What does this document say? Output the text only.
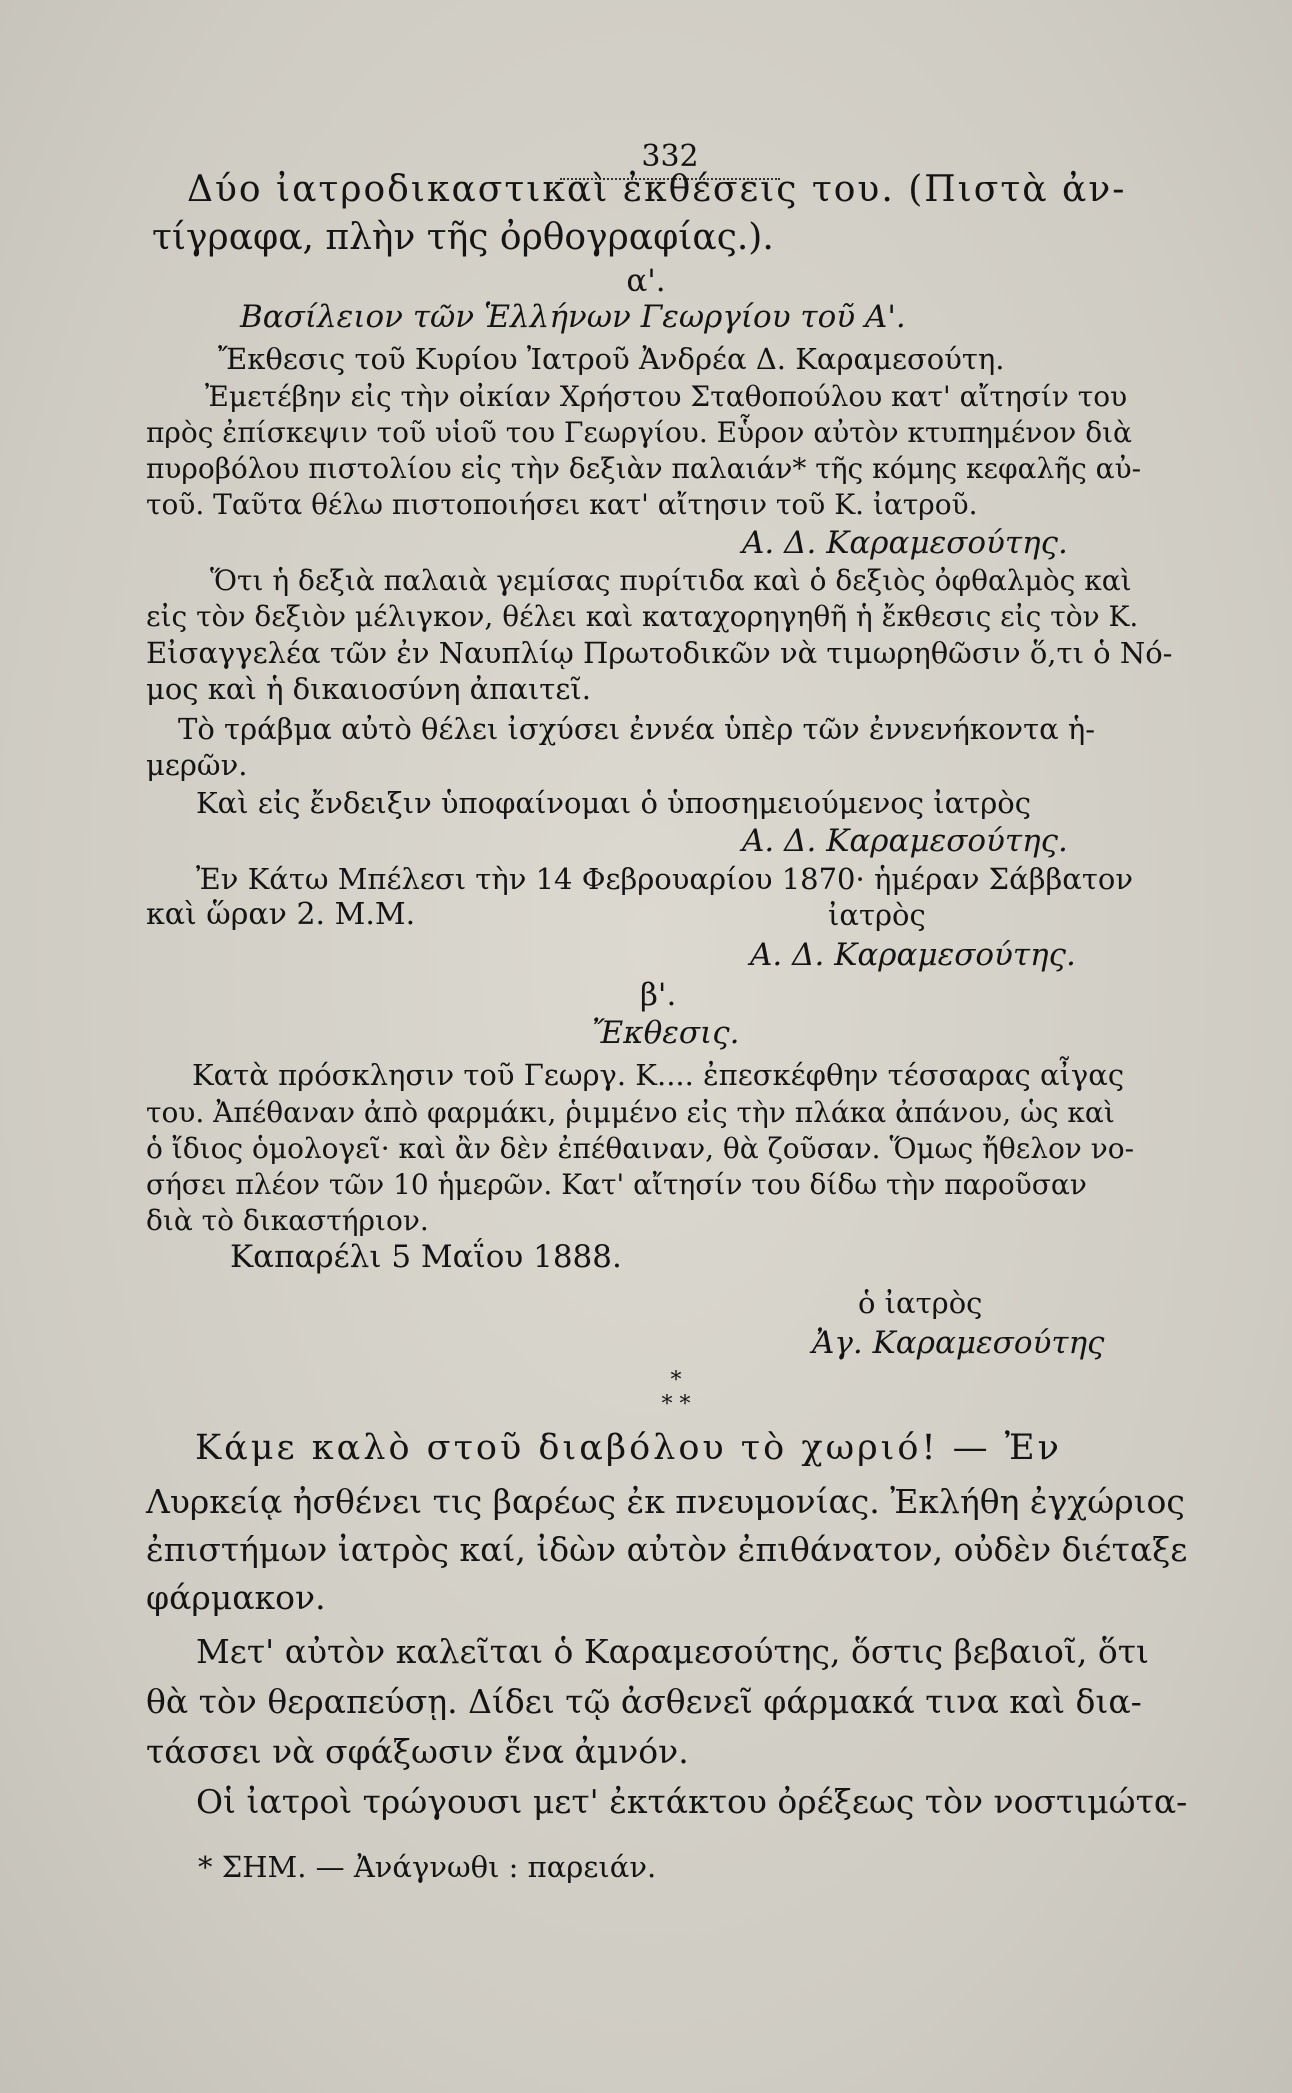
332

Δύο ἰατροδικαστικαὶ ἐκθέσεις του. (Πιστὰ ἀν-

τίγραφα, πλὴν τῆς ὀρθογραφίας.).

α'.

Βασίλειον τῶν Ἑλλήνων Γεωργίου τοῦ Α'.

Ἔκθεσις τοῦ Κυρίου Ἰατροῦ Ἀνδρέα Δ. Καραμεσούτη.

Ἐμετέβην εἰς τὴν οἰκίαν Χρήστου Σταθοπούλου κατ' αἴτησίν του

πρὸς ἐπίσκεψιν τοῦ υἱοῦ του Γεωργίου. Εὗρον αὐτὸν κτυπημένον διὰ

πυροβόλου πιστολίου εἰς τὴν δεξιὰν παλαιάν* τῆς κόμης κεφαλῆς αὐ-

τοῦ. Ταῦτα θέλω πιστοποιήσει κατ' αἴτησιν τοῦ Κ. ἰατροῦ.

Α. Δ. Καραμεσούτης.

Ὅτι ἡ δεξιὰ παλαιὰ γεμίσας πυρίτιδα καὶ ὁ δεξιὸς ὀφθαλμὸς καὶ

εἰς τὸν δεξιὸν μέλιγκον, θέλει καὶ καταχορηγηθῆ ἡ ἔκθεσις εἰς τὸν Κ.

Εἰσαγγελέα τῶν ἐν Ναυπλίῳ Πρωτοδικῶν νὰ τιμωρηθῶσιν ὅ,τι ὁ Νό-

μος καὶ ἡ δικαιοσύνη ἀπαιτεῖ.

Τὸ τράβμα αὐτὸ θέλει ἰσχύσει ἐννέα ὑπὲρ τῶν ἐννενήκοντα ἡ-

μερῶν.

Καὶ εἰς ἔνδειξιν ὑποφαίνομαι ὁ ὑποσημειούμενος ἰατρὸς

Α. Δ. Καραμεσούτης.

Ἐν Κάτω Μπέλεσι τὴν 14 Φεβρουαρίου 1870· ἡμέραν Σάββατον

καὶ ὥραν 2. Μ.Μ.	ἰατρὸς

Α. Δ. Καραμεσούτης.

β'.

Ἔκθεσις.

Κατὰ πρόσκλησιν τοῦ Γεωργ. Κ.... ἐπεσκέφθην τέσσαρας αἶγας

του. Ἀπέθαναν ἀπὸ φαρμάκι, ῥιμμένο εἰς τὴν πλάκα ἀπάνου, ὡς καὶ

ὁ ἴδιος ὁμολογεῖ· καὶ ἂν δὲν ἐπέθαιναν, θὰ ζοῦσαν. Ὅμως ἤθελον νο-

σήσει πλέον τῶν 10 ἡμερῶν. Κατ' αἴτησίν του δίδω τὴν παροῦσαν

διὰ τὸ δικαστήριον.

Καπαρέλι 5 Μαΐου 1888.

ὁ ἰατρὸς

Ἀγ. Καραμεσούτης

*

* *

Κάμε καλὸ στοῦ διαβόλου τὸ χωριό! — Ἐν

Λυρκείᾳ ἠσθένει τις βαρέως ἐκ πνευμονίας. Ἐκλήθη ἐγχώριος

ἐπιστήμων ἰατρὸς καί, ἰδὼν αὐτὸν ἐπιθάνατον, οὐδὲν διέταξε

φάρμακον.

Μετ' αὐτὸν καλεῖται ὁ Καραμεσούτης, ὅστις βεβαιοῖ, ὅτι

θὰ τὸν θεραπεύσῃ. Δίδει τῷ ἀσθενεῖ φάρμακά τινα καὶ δια-

τάσσει νὰ σφάξωσιν ἕνα ἀμνόν.

Οἱ ἰατροὶ τρώγουσι μετ' ἐκτάκτου ὀρέξεως τὸν νοστιμώτα-

* ΣΗΜ. — Ἀνάγνωθι : παρειάν.
